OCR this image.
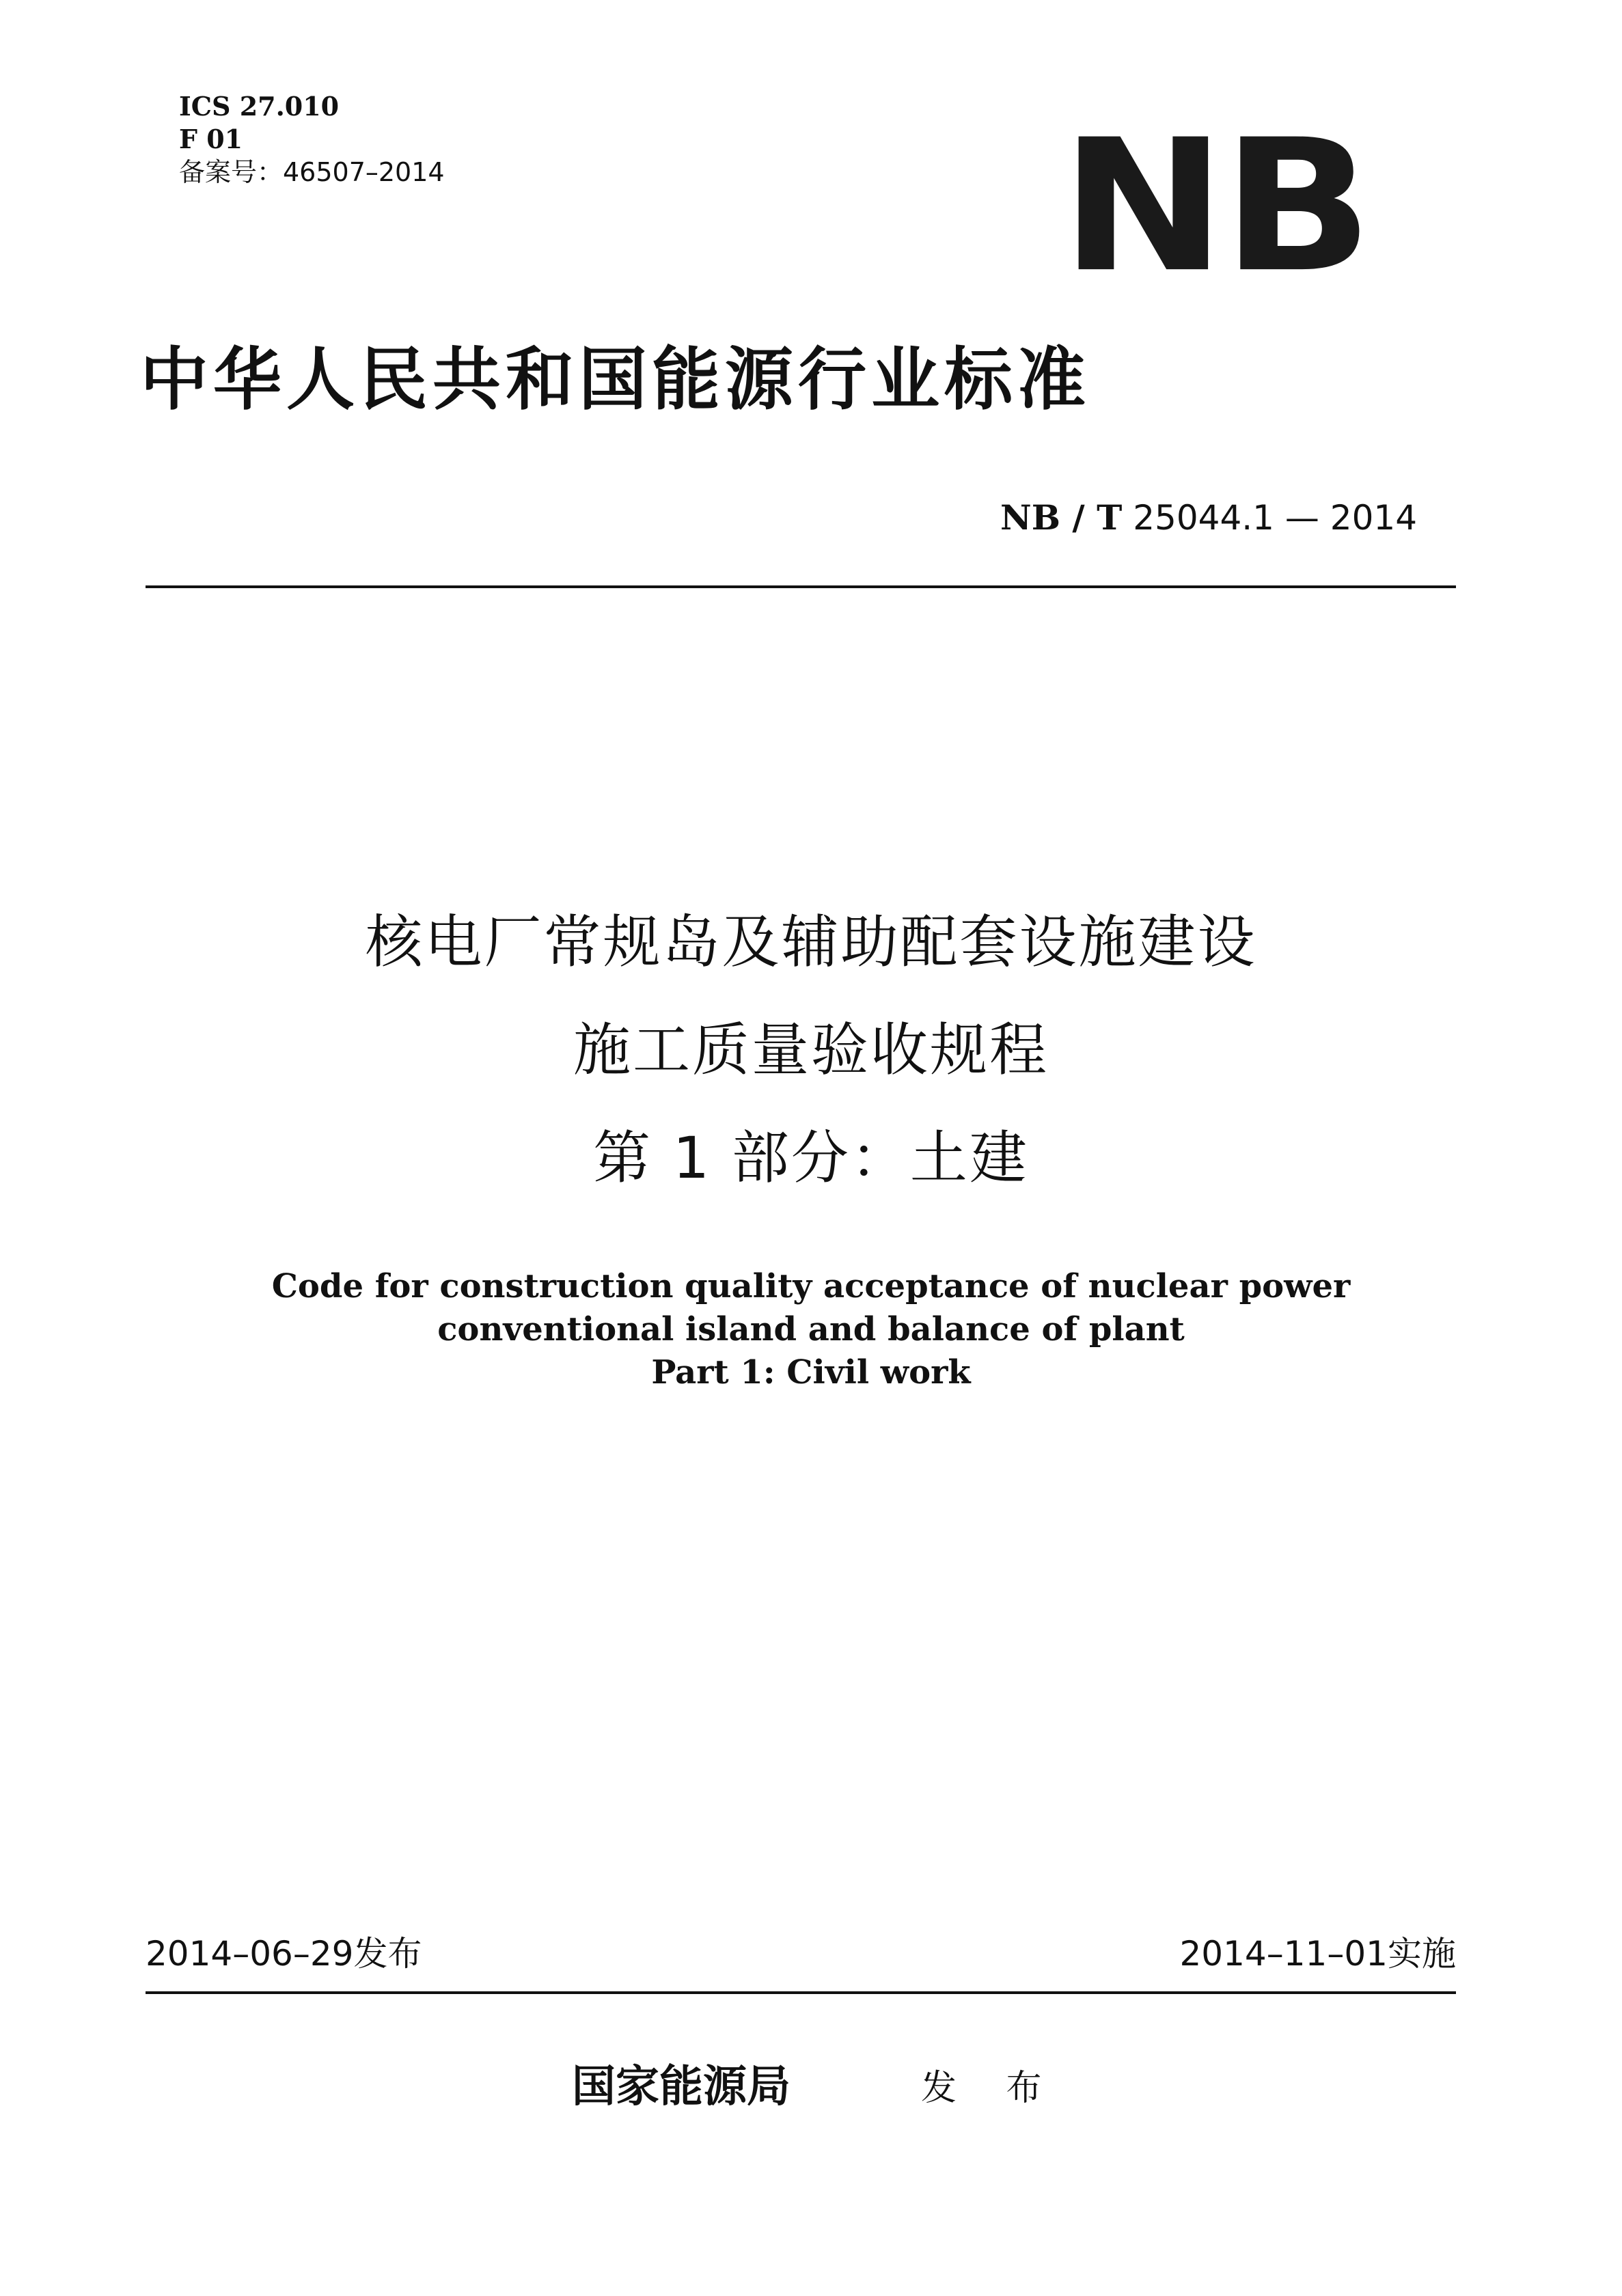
ICS 27.010
F 01
备案号：46507–2014	NB
中华人民共和国能源行业标准
NB / T 25044.1 — 2014
核电厂常规岛及辅助配套设施建设
施工质量验收规程
第 1 部分：土建
Code for construction quality acceptance of nuclear power
conventional island and balance of plant
Part 1: Civil work
2014–06–29发布	2014–11–01实施
国家能源局	发 布
